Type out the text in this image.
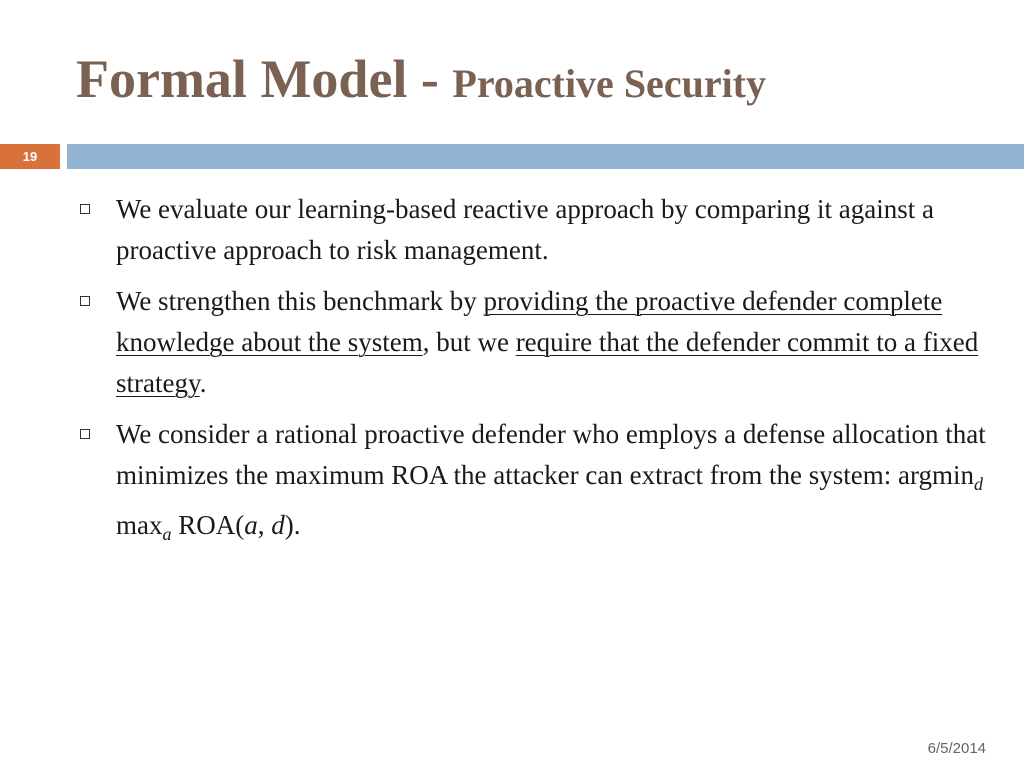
Formal Model - Proactive Security
19
We evaluate our learning-based reactive approach by comparing it against a proactive approach to risk management.
We strengthen this benchmark by providing the proactive defender complete knowledge about the system, but we require that the defender commit to a fixed strategy.
We consider a rational proactive defender who employs a defense allocation that minimizes the maximum ROA the attacker can extract from the system: argmin$_d$ $\max_a ROA(a$, d).
6/5/2014
